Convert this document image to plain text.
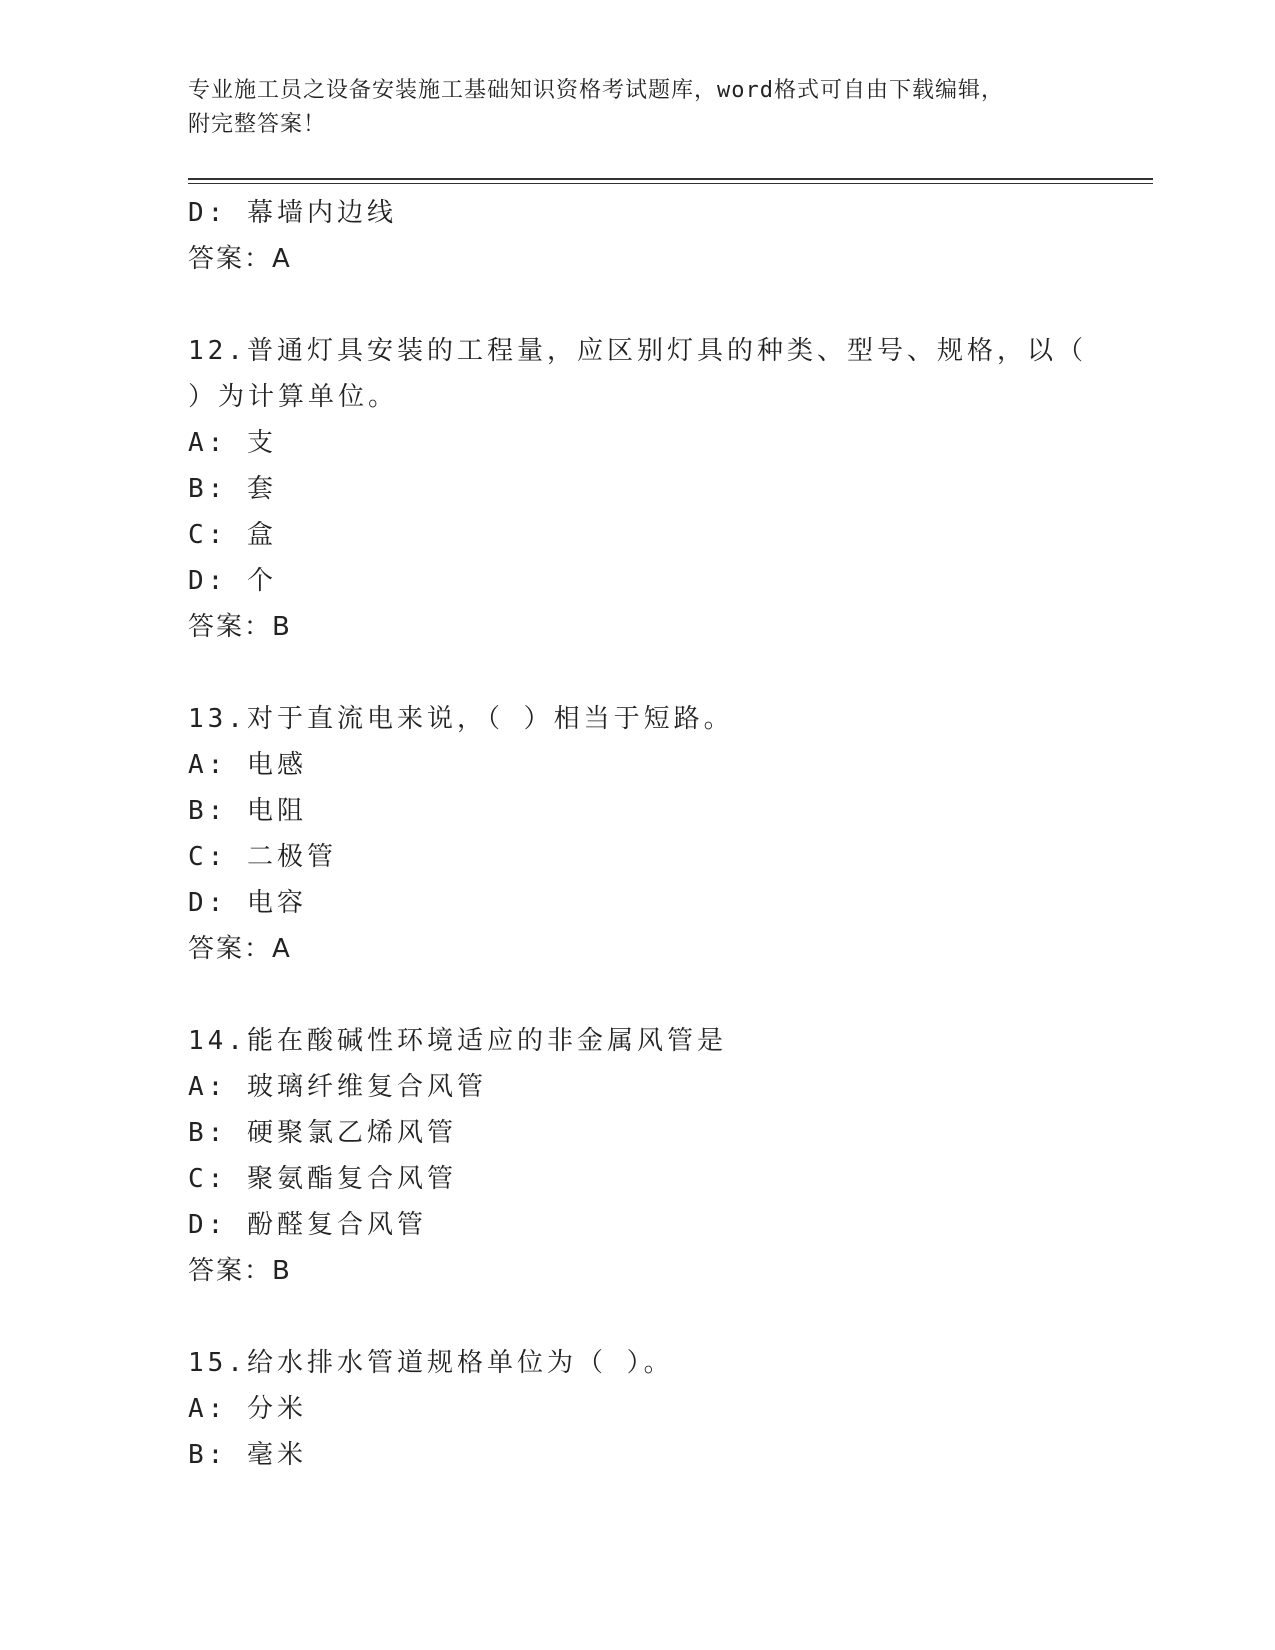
专业施工员之设备安装施工基础知识资格考试题库，word格式可自由下载编辑，
附完整答案！
D: 幕墙内边线
答案：A
12.普通灯具安装的工程量，应区别灯具的种类、型号、规格，以（
）为计算单位。
A: 支
B: 套
C: 盒
D: 个
答案：B
13.对于直流电来说，（ ）相当于短路。
A: 电感
B: 电阻
C: 二极管
D: 电容
答案：A
14.能在酸碱性环境适应的非金属风管是
A: 玻璃纤维复合风管
B: 硬聚氯乙烯风管
C: 聚氨酯复合风管
D: 酚醛复合风管
答案：B
15.给水排水管道规格单位为（ ）。
A: 分米
B: 毫米
